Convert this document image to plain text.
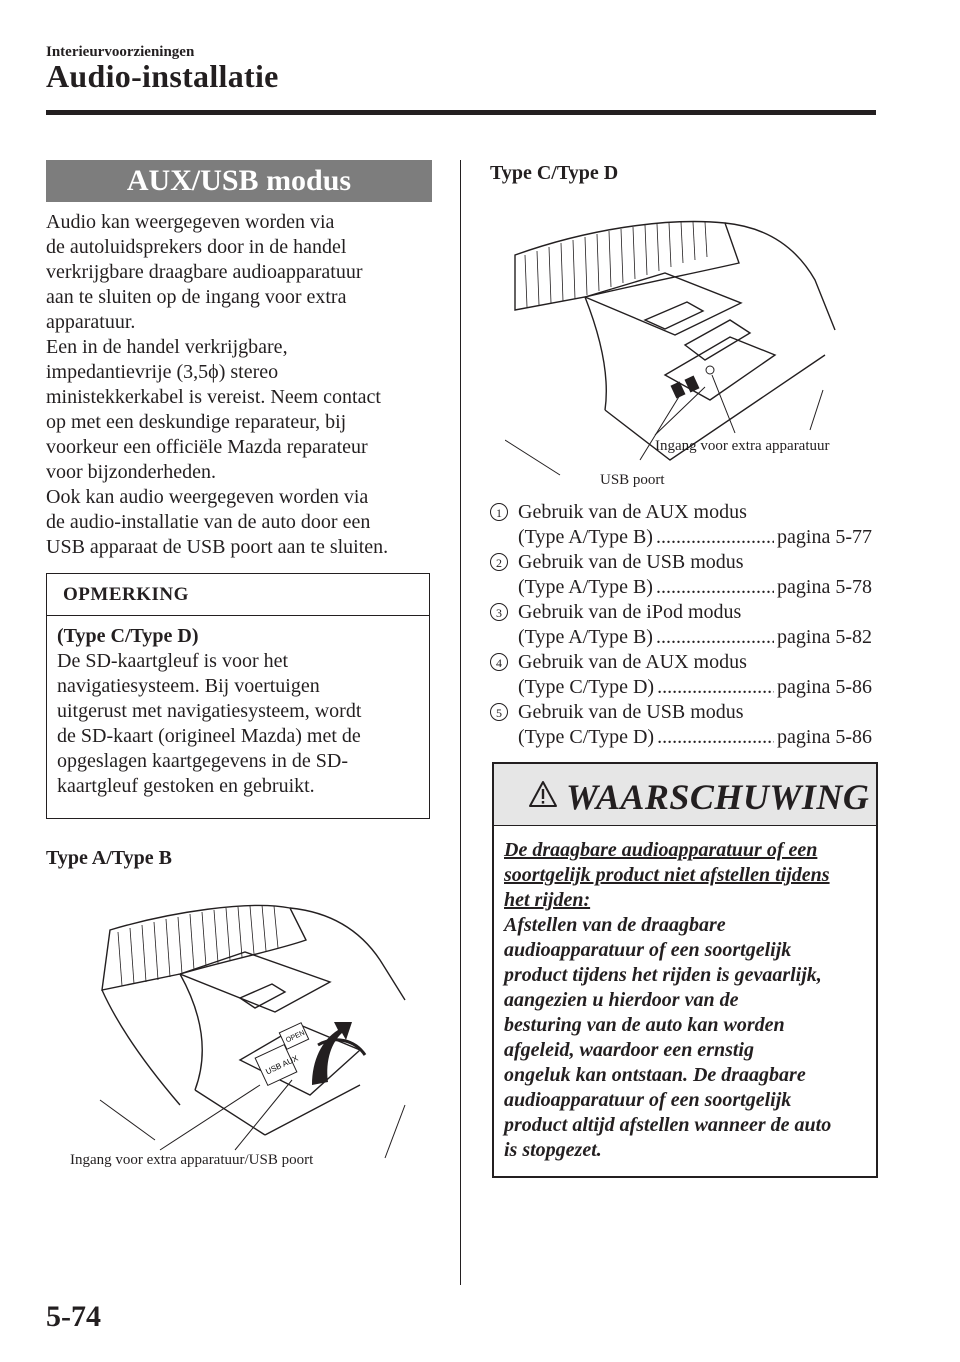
Interieurvoorzieningen
Audio-installatie
AUX/USB modus
Audio kan weergegeven worden via
de autoluidsprekers door in de handel
verkrijgbare draagbare audioapparatuur
aan te sluiten op de ingang voor extra
apparatuur.
Een in de handel verkrijgbare,
impedantievrije (3,5ϕ) stereo
ministekkerkabel is vereist. Neem contact
op met een deskundige reparateur, bij
voorkeur een officiële Mazda reparateur
voor bijzonderheden.
Ook kan audio weergegeven worden via
de audio-installatie van de auto door een
USB apparaat de USB poort aan te sluiten.
OPMERKING
(Type C/Type D)
De SD-kaartgleuf is voor het
navigatiesysteem. Bij voertuigen
uitgerust met navigatiesysteem, wordt
de SD-kaart (origineel Mazda) met de
opgeslagen kaartgegevens in de SD-
kaartgleuf gestoken en gebruikt.
Type A/Type B
USB AUX
OPEN
Ingang voor extra apparatuur/USB poort
Type C/Type D
Ingang voor extra apparatuur
USB poort
1 Gebruik van de AUX modus
(Type A/Type B) .....	pagina 5-77
2 Gebruik van de USB modus
(Type A/Type B) .....	pagina 5-78
3 Gebruik van de iPod modus
(Type A/Type B) .....	pagina 5-82
4 Gebruik van de AUX modus
(Type C/Type D) .....	pagina 5-86
5 Gebruik van de USB modus
(Type C/Type D) .....	pagina 5-86
WAARSCHUWING
De draagbare audioapparatuur of een
soortgelijk product niet afstellen tijdens
het rijden:
Afstellen van de draagbare
audioapparatuur of een soortgelijk
product tijdens het rijden is gevaarlijk,
aangezien u hierdoor van de
besturing van de auto kan worden
afgeleid, waardoor een ernstig
ongeluk kan ontstaan. De draagbare
audioapparatuur of een soortgelijk
product altijd afstellen wanneer de auto
is stopgezet.
5-74
